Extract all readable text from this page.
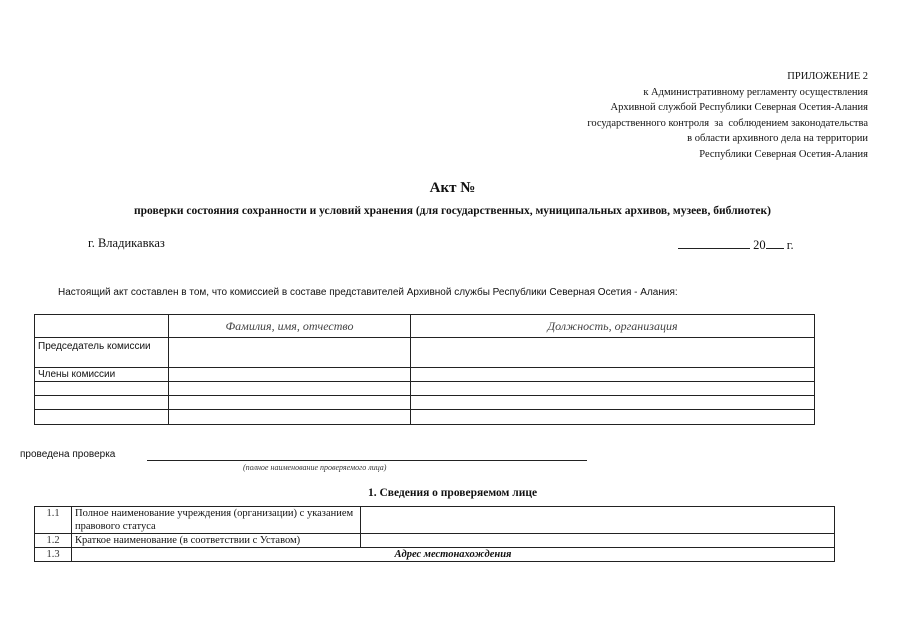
ПРИЛОЖЕНИЕ 2
к Административному регламенту осуществления
Архивной службой Республики Северная Осетия-Алания
государственного контроля  за  соблюдением законодательства
в области архивного дела на территории
Республики Северная Осетия-Алания
Акт №
проверки состояния сохранности и условий хранения (для государственных, муниципальных архивов, музеев, библиотек)
г. Владикавказ	20 г.
Настоящий акт составлен в том, что комиссией в составе представителей Архивной службы Республики Северная Осетия - Алания:
	Фамилия, имя, отчество	Должность, организация
Председатель комиссии		
Члены комиссии		

проведена проверка
(полное наименование проверяемого лица)
1. Сведения о проверяемом лице
1.1	Полное наименование учреждения (организации) с указанием правового статуса	
1.2	Краткое наименование (в соответствии с Уставом)	
1.3	Адрес местонахождения	
